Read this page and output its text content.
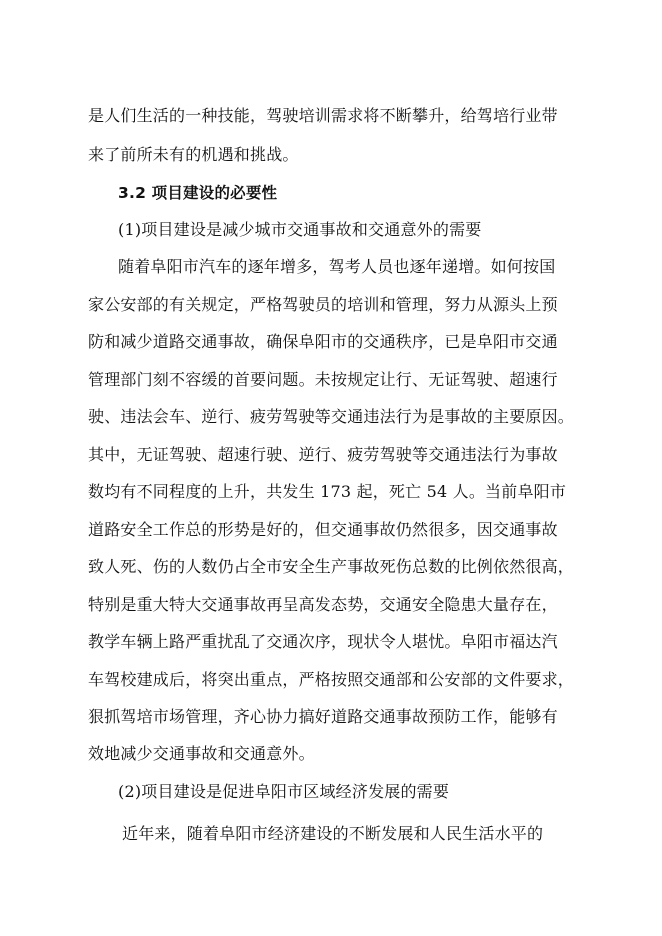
是人们生活的一种技能，驾驶培训需求将不断攀升，给驾培行业带
来了前所未有的机遇和挑战。
3.2 项目建设的必要性
(1)项目建设是减少城市交通事故和交通意外的需要
随着阜阳市汽车的逐年增多，驾考人员也逐年递增。如何按国
家公安部的有关规定，严格驾驶员的培训和管理，努力从源头上预
防和减少道路交通事故，确保阜阳市的交通秩序，已是阜阳市交通
管理部门刻不容缓的首要问题。未按规定让行、无证驾驶、超速行
驶、违法会车、逆行、疲劳驾驶等交通违法行为是事故的主要原因。
其中，无证驾驶、超速行驶、逆行、疲劳驾驶等交通违法行为事故
数均有不同程度的上升，共发生 173 起，死亡 54 人。当前阜阳市
道路安全工作总的形势是好的，但交通事故仍然很多，因交通事故
致人死、伤的人数仍占全市安全生产事故死伤总数的比例依然很高，
特别是重大特大交通事故再呈高发态势，交通安全隐患大量存在，
教学车辆上路严重扰乱了交通次序，现状令人堪忧。阜阳市福达汽
车驾校建成后，将突出重点，严格按照交通部和公安部的文件要求，
狠抓驾培市场管理，齐心协力搞好道路交通事故预防工作，能够有
效地减少交通事故和交通意外。
(2)项目建设是促进阜阳市区域经济发展的需要
近年来，随着阜阳市经济建设的不断发展和人民生活水平的
